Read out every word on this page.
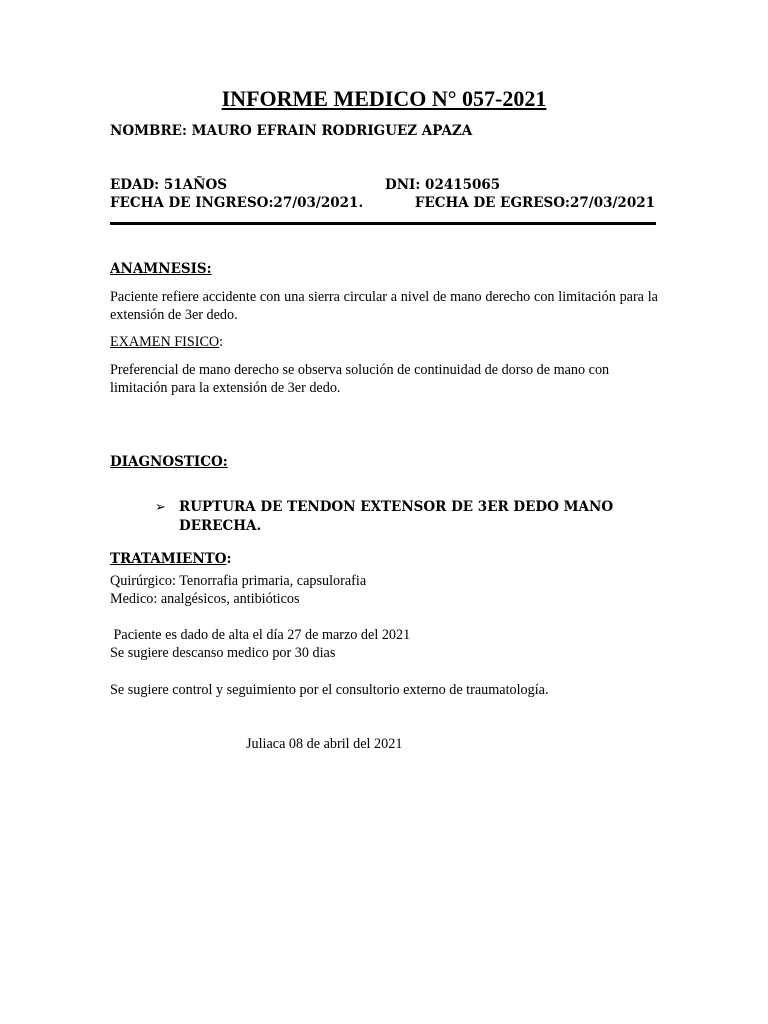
INFORME MEDICO N° 057-2021
NOMBRE: MAURO EFRAIN RODRIGUEZ APAZA
EDAD: 51AÑOS	DNI: 02415065
FECHA DE INGRESO:27/03/2021.	FECHA DE EGRESO:27/03/2021
ANAMNESIS:
Paciente refiere accidente con una sierra circular a nivel de mano derecho con limitación para la extensión de 3er dedo.
EXAMEN FISICO:
Preferencial de mano derecho se observa solución de continuidad de dorso de mano con limitación para la extensión de 3er dedo.
DIAGNOSTICO:
➢ RUPTURA DE TENDON EXTENSOR DE 3ER DEDO MANO DERECHA.
TRATAMIENTO:
Quirúrgico: Tenorrafia primaria, capsulorafia
Medico: analgésicos, antibióticos
Paciente es dado de alta el día 27 de marzo del 2021
Se sugiere descanso medico por 30 dias
Se sugiere control y seguimiento por el consultorio externo de traumatología.
Juliaca 08 de abril del 2021
